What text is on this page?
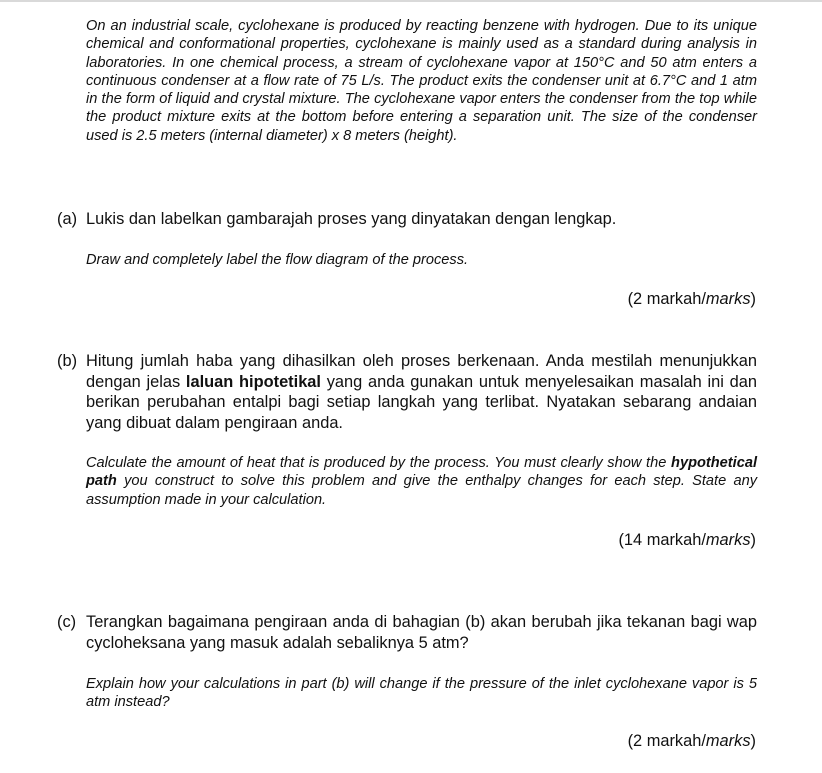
On an industrial scale, cyclohexane is produced by reacting benzene with hydrogen. Due to its unique chemical and conformational properties, cyclohexane is mainly used as a standard during analysis in laboratories. In one chemical process, a stream of cyclohexane vapor at 150°C and 50 atm enters a continuous condenser at a flow rate of 75 L/s. The product exits the condenser unit at 6.7°C and 1 atm in the form of liquid and crystal mixture. The cyclohexane vapor enters the condenser from the top while the product mixture exits at the bottom before entering a separation unit. The size of the condenser used is 2.5 meters (internal diameter) x 8 meters (height).

(a) Lukis dan labelkan gambarajah proses yang dinyatakan dengan lengkap.

Draw and completely label the flow diagram of the process.

(2 markah/marks)
(b) Hitung jumlah haba yang dihasilkan oleh proses berkenaan. Anda mestilah menunjukkan dengan jelas laluan hipotetikal yang anda gunakan untuk menyelesaikan masalah ini dan berikan perubahan entalpi bagi setiap langkah yang terlibat. Nyatakan sebarang andaian yang dibuat dalam pengiraan anda.

Calculate the amount of heat that is produced by the process. You must clearly show the hypothetical path you construct to solve this problem and give the enthalpy changes for each step. State any assumption made in your calculation.

(14 markah/marks)
(c) Terangkan bagaimana pengiraan anda di bahagian (b) akan berubah jika tekanan bagi wap cycloheksana yang masuk adalah sebaliknya 5 atm?

Explain how your calculations in part (b) will change if the pressure of the inlet cyclohexane vapor is 5 atm instead?

(2 markah/marks)
